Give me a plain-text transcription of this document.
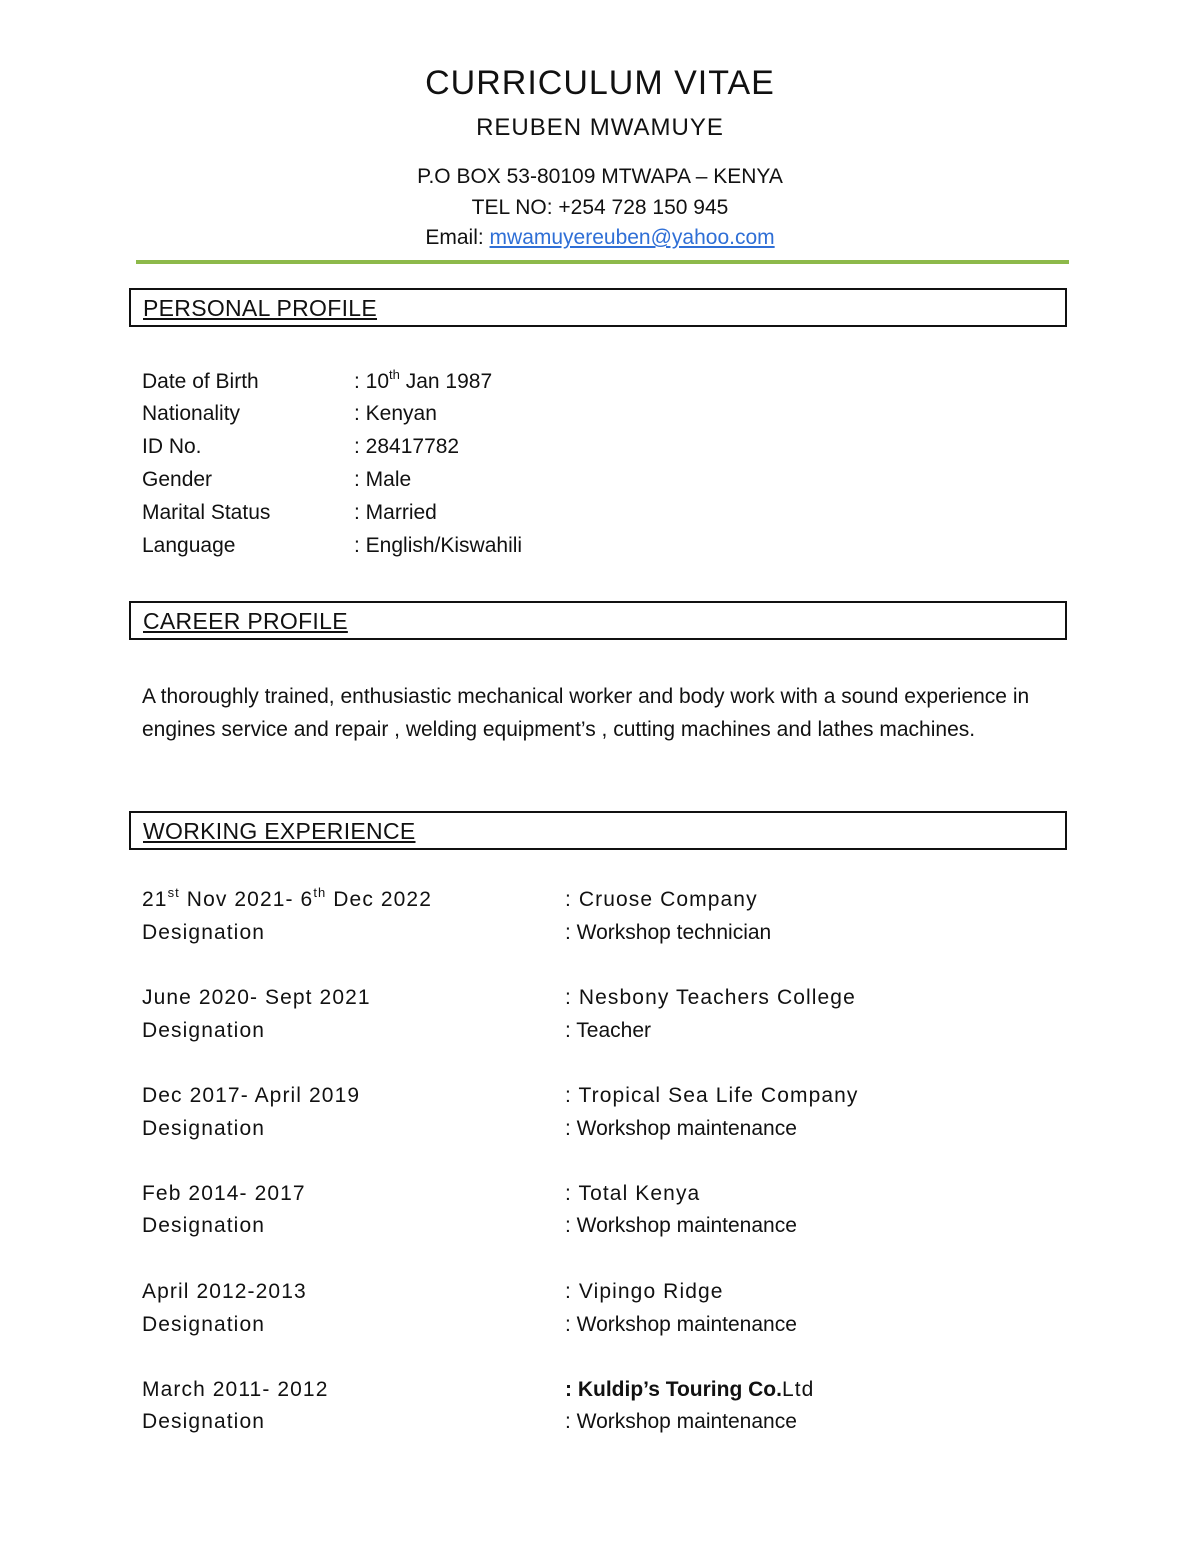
CURRICULUM VITAE
REUBEN MWAMUYE
P.O BOX 53-80109 MTWAPA – KENYA
TEL NO: +254 728 150 945
Email: mwamuyereuben@yahoo.com
PERSONAL PROFILE
Date of Birth	: 10th Jan 1987
Nationality	: Kenyan
ID No.	: 28417782
Gender	: Male
Marital Status	: Married
Language	: English/Kiswahili
CAREER PROFILE
A thoroughly trained, enthusiastic mechanical worker and body work with a sound experience in engines service and repair , welding equipment’s , cutting machines and lathes machines.
WORKING EXPERIENCE
21st Nov 2021- 6th Dec 2022	: Cruose Company
Designation	: Workshop technician
June 2020- Sept 2021	: Nesbony Teachers College
Designation	: Teacher
Dec 2017- April 2019	: Tropical Sea Life Company
Designation	: Workshop maintenance
Feb 2014- 2017	: Total Kenya
Designation	: Workshop maintenance
April 2012-2013	: Vipingo Ridge
Designation	: Workshop maintenance
March 2011- 2012	: Kuldip’s Touring Co.Ltd
Designation	: Workshop maintenance
